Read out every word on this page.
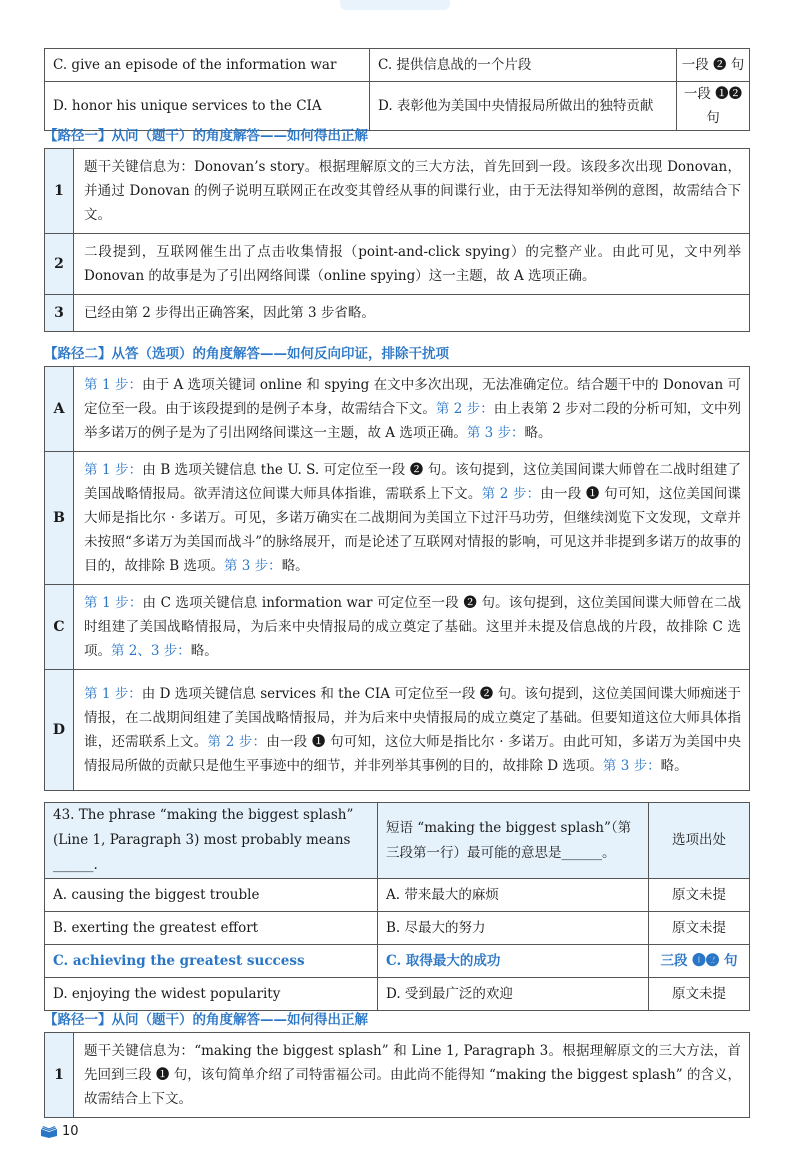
C. give an episode of the information war	C. 提供信息战的一个片段	一段 ❷ 句
D. honor his unique services to the CIA	D. 表彰他为美国中央情报局所做出的独特贡献	一段 ❶❷ 句
【路径一】从问（题干）的角度解答——如何得出正解
1	题干关键信息为：Donovan’s story。根据理解原文的三大方法，首先回到一段。该段多次出现 Donovan，并通过 Donovan 的例子说明互联网正在改变其曾经从事的间谍行业，由于无法得知举例的意图，故需结合下文。
2	二段提到，互联网催生出了点击收集情报（point-and-click spying）的完整产业。由此可见，文中列举 Donovan 的故事是为了引出网络间谍（online spying）这一主题，故 A 选项正确。
3	已经由第 2 步得出正确答案，因此第 3 步省略。
【路径二】从答（选项）的角度解答——如何反向印证，排除干扰项
A	第 1 步：由于 A 选项关键词 online 和 spying 在文中多次出现，无法准确定位。结合题干中的 Donovan 可定位至一段。由于该段提到的是例子本身，故需结合下文。第 2 步：由上表第 2 步对二段的分析可知，文中列举多诺万的例子是为了引出网络间谍这一主题，故 A 选项正确。第 3 步：略。
B	第 1 步：由 B 选项关键信息 the U. S. 可定位至一段 ❷ 句。该句提到，这位美国间谍大师曾在二战时组建了美国战略情报局。欲弄清这位间谍大师具体指谁，需联系上下文。第 2 步：由一段 ❶ 句可知，这位美国间谍大师是指比尔 · 多诺万。可见，多诺万确实在二战期间为美国立下过汗马功劳，但继续浏览下文发现，文章并未按照“多诺万为美国而战斗”的脉络展开，而是论述了互联网对情报的影响，可见这并非提到多诺万的故事的目的，故排除 B 选项。第 3 步：略。
C	第 1 步：由 C 选项关键信息 information war 可定位至一段 ❷ 句。该句提到，这位美国间谍大师曾在二战时组建了美国战略情报局，为后来中央情报局的成立奠定了基础。这里并未提及信息战的片段，故排除 C 选项。第 2、3 步：略。
D	第 1 步：由 D 选项关键信息 services 和 the CIA 可定位至一段 ❷ 句。该句提到，这位美国间谍大师痴迷于情报，在二战期间组建了美国战略情报局，并为后来中央情报局的成立奠定了基础。但要知道这位大师具体指谁，还需联系上文。第 2 步：由一段 ❶ 句可知，这位大师是指比尔 · 多诺万。由此可知，多诺万为美国中央情报局所做的贡献只是他生平事迹中的细节，并非列举其事例的目的，故排除 D 选项。第 3 步：略。
43. The phrase “making the biggest splash” (Line 1, Paragraph 3) most probably means ______.	短语 “making the biggest splash”（第三段第一行）最可能的意思是______。	选项出处
A. causing the biggest trouble	A. 带来最大的麻烦	原文未提
B. exerting the greatest effort	B. 尽最大的努力	原文未提
C. achieving the greatest success	C. 取得最大的成功	三段 ❶❷ 句
D. enjoying the widest popularity	D. 受到最广泛的欢迎	原文未提
【路径一】从问（题干）的角度解答——如何得出正解
1	题干关键信息为：“making the biggest splash” 和 Line 1, Paragraph 3。根据理解原文的三大方法，首先回到三段 ❶ 句，该句简单介绍了司特雷福公司。由此尚不能得知 “making the biggest splash” 的含义，故需结合上下文。
10
